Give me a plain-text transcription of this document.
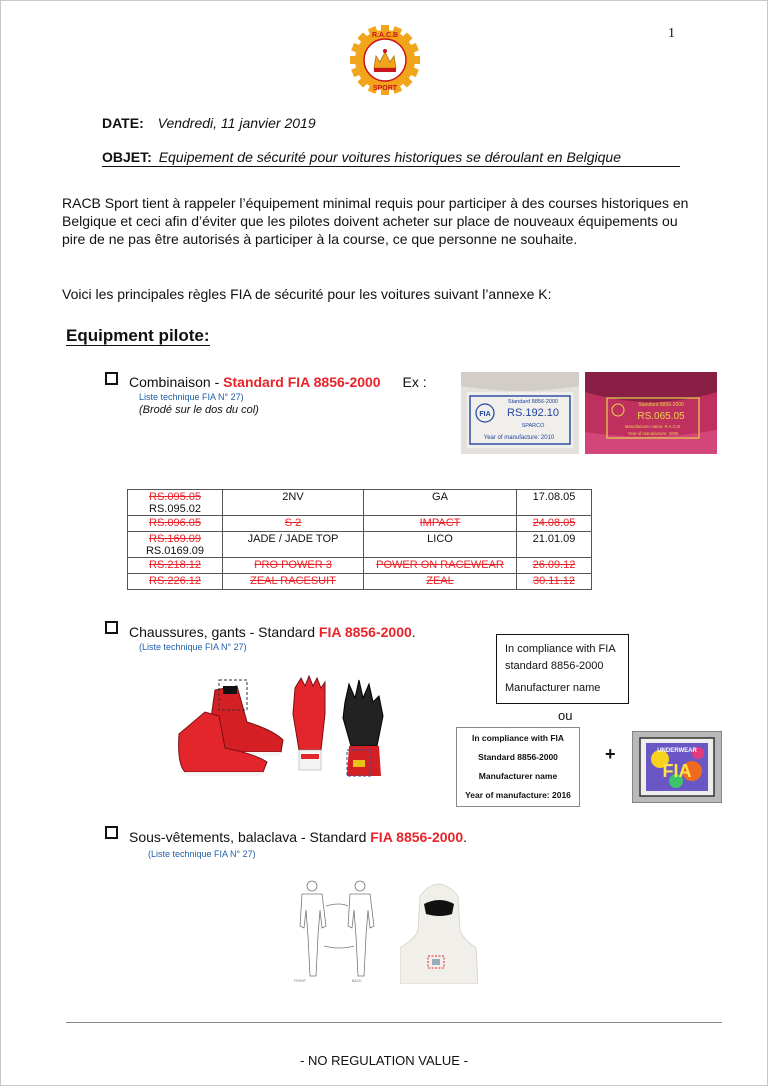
1
R.A.C.B
SPORT
DATE: Vendredi, 11 janvier 2019
OBJET: Equipement de sécurité pour voitures historiques se déroulant en Belgique
RACB Sport tient à rappeler l’équipement minimal requis pour participer à des courses historiques en Belgique et ceci afin d’éviter que les pilotes doivent acheter sur place de nouveaux équipements ou pire de ne pas être autorisés à participer à la course, ce que personne ne souhaite.
Voici les principales règles FIA de sécurité pour les voitures suivant l’annexe K:
Equipment pilote:
Combinaison - Standard FIA 8856-2000 Ex :
Liste technique FIA N° 27)
(Brodé sur le dos du col)	FIA
Standard 8856-2000
RS.192.10
SPARCO
Year of manufacture: 2010
Standard 8856-2000
RS.065.05
Manufacturer name: R.A.C.B.
Year of manufacture: 2005
RS.095.05
RS.095.02	2NV	GA	17.08.05
RS.096.05	S 2	IMPACT	24.08.05
RS.169.09
RS.0169.09	JADE / JADE TOP	LICO	21.01.09
RS.218.12	PRO POWER 3	POWER ON RACEWEAR	26.09.12
RS.226.12	ZEAL RACESUIT	ZEAL	30.11.12
Chaussures, gants - Standard FIA 8856-2000.
(Liste technique FIA N° 27)	In compliance with FIA
standard 8856-2000
Manufacturer name
ou
In compliance with FIA
Standard 8856-2000
Manufacturer name
Year of manufacture: 2016
+	UNDERWEAR
FIA
Sous-vêtements, balaclava - Standard FIA 8856-2000.
(Liste technique FIA N° 27)
FRONT	BACK
- NO REGULATION VALUE -
